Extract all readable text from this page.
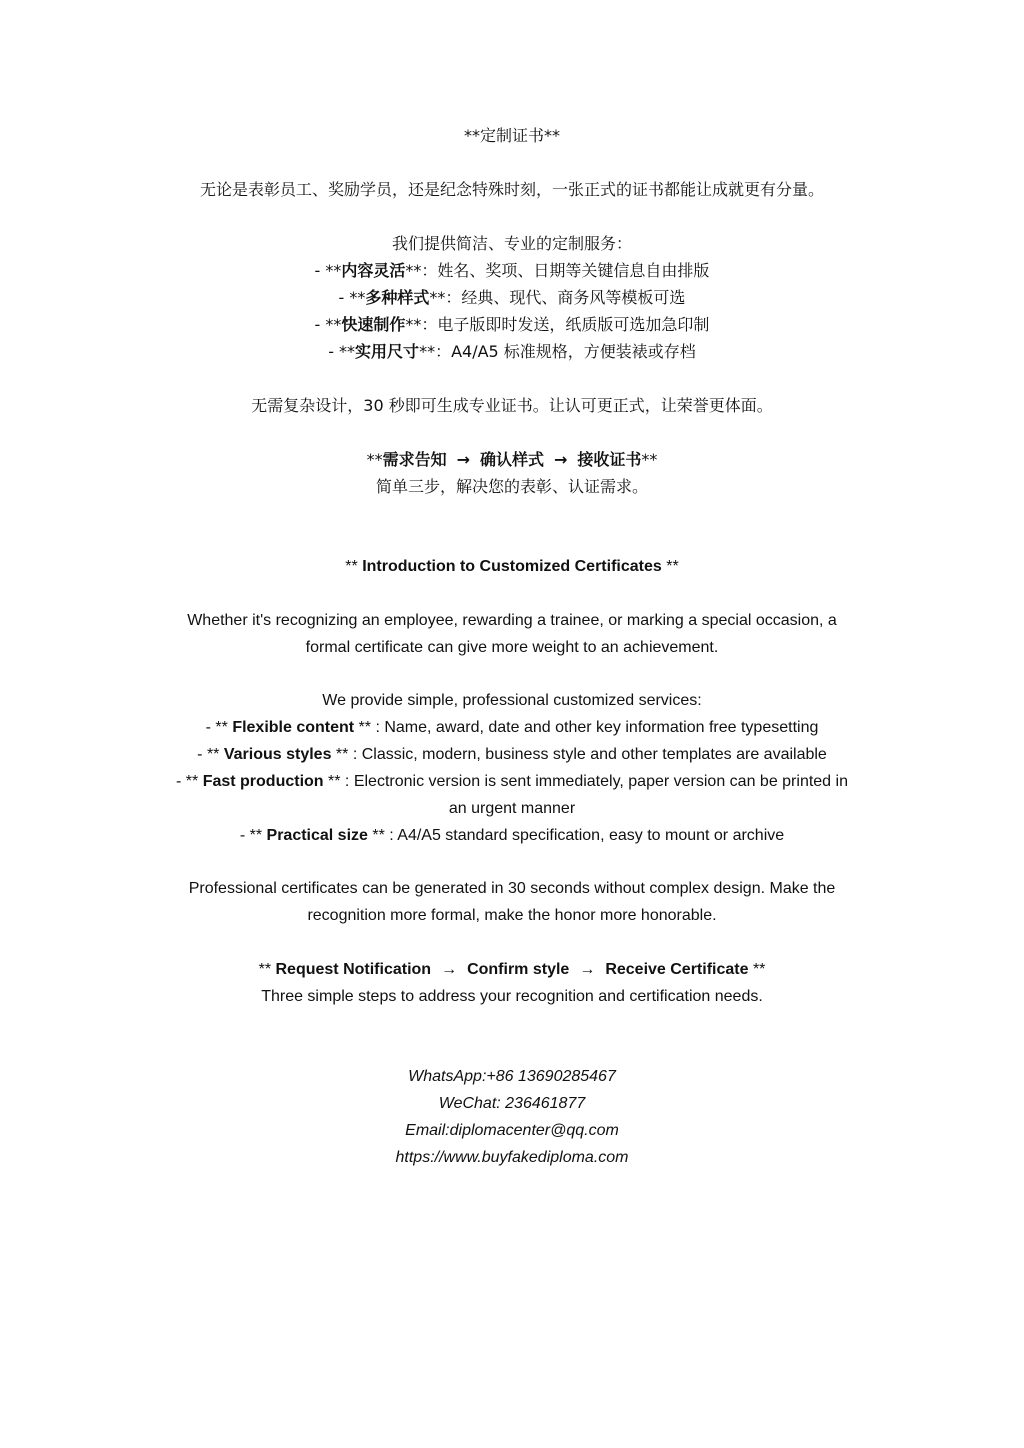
**定制证书**
无论是表彰员工、奖励学员，还是纪念特殊时刻，一张正式的证书都能让成就更有分量。
我们提供简洁、专业的定制服务：
- **内容灵活**：姓名、奖项、日期等关键信息自由排版
- **多种样式**：经典、现代、商务风等模板可选
- **快速制作**：电子版即时发送，纸质版可选加急印制
- **实用尺寸**：A4/A5 标准规格，方便装裱或存档
无需复杂设计，30 秒即可生成专业证书。让认可更正式，让荣誉更体面。
**需求告知 → 确认样式 → 接收证书**
简单三步，解决您的表彰、认证需求。
** Introduction to Customized Certificates **
Whether it's recognizing an employee, rewarding a trainee, or marking a special occasion, a
formal certificate can give more weight to an achievement.
We provide simple, professional customized services:
- ** Flexible content ** : Name, award, date and other key information free typesetting
- ** Various styles ** : Classic, modern, business style and other templates are available
- ** Fast production ** : Electronic version is sent immediately, paper version can be printed in
an urgent manner
- ** Practical size ** : A4/A5 standard specification, easy to mount or archive
Professional certificates can be generated in 30 seconds without complex design. Make the
recognition more formal, make the honor more honorable.
** Request Notification → Confirm style → Receive Certificate **
Three simple steps to address your recognition and certification needs.
WhatsApp:+86 13690285467
WeChat: 236461877
Email:diplomacenter@qq.com
https://www.buyfakediploma.com
